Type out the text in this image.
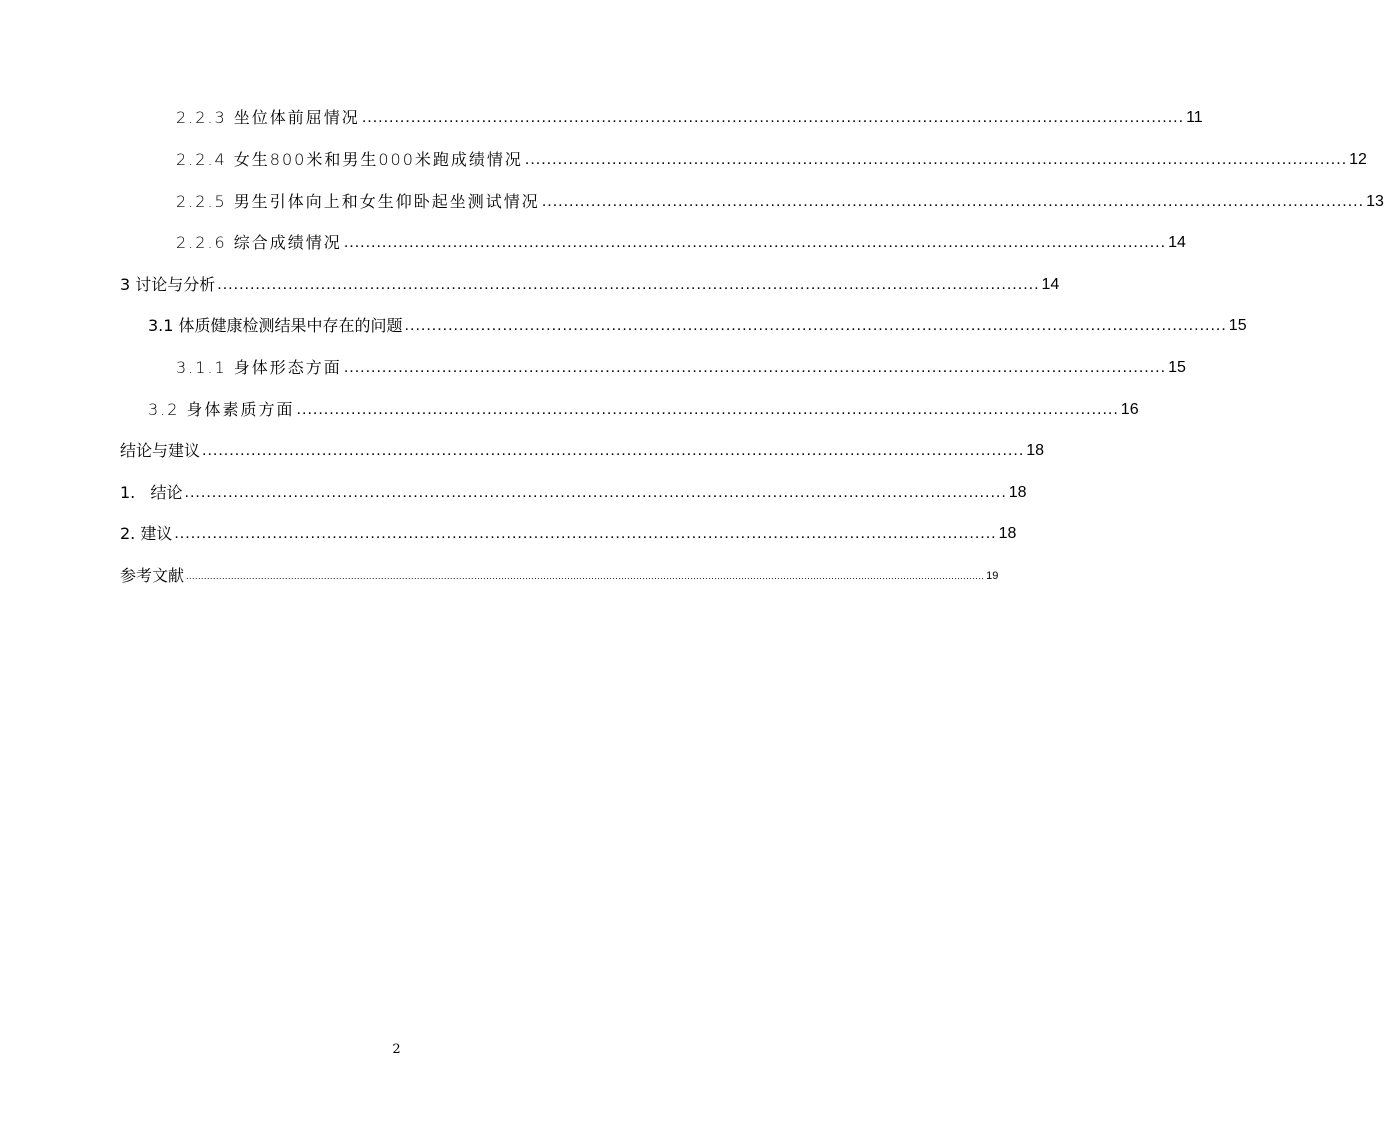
2.2.3 坐位体前屈情况 ....................................................................................................................................................... 11
2.2.4 女生800米和男生000米跑成绩情况 ....................................................................................................................................................... 12
2.2.5 男生引体向上和女生仰卧起坐测试情况 ....................................................................................................................................................... 13
2.2.6 综合成绩情况 ....................................................................................................................................................... 14
3 讨论与分析 ....................................................................................................................................................... 14
3.1 体质健康检测结果中存在的问题 ....................................................................................................................................................... 15
3.1.1 身体形态方面 ....................................................................................................................................................... 15
3.2 身体素质方面 ....................................................................................................................................................... 16
结论与建议 ....................................................................................................................................................... 18
1.   结论 ....................................................................................................................................................... 18
2. 建议 ....................................................................................................................................................... 18
参考文献 .......................................................................................................................................................................................................................................................................... 19
2
